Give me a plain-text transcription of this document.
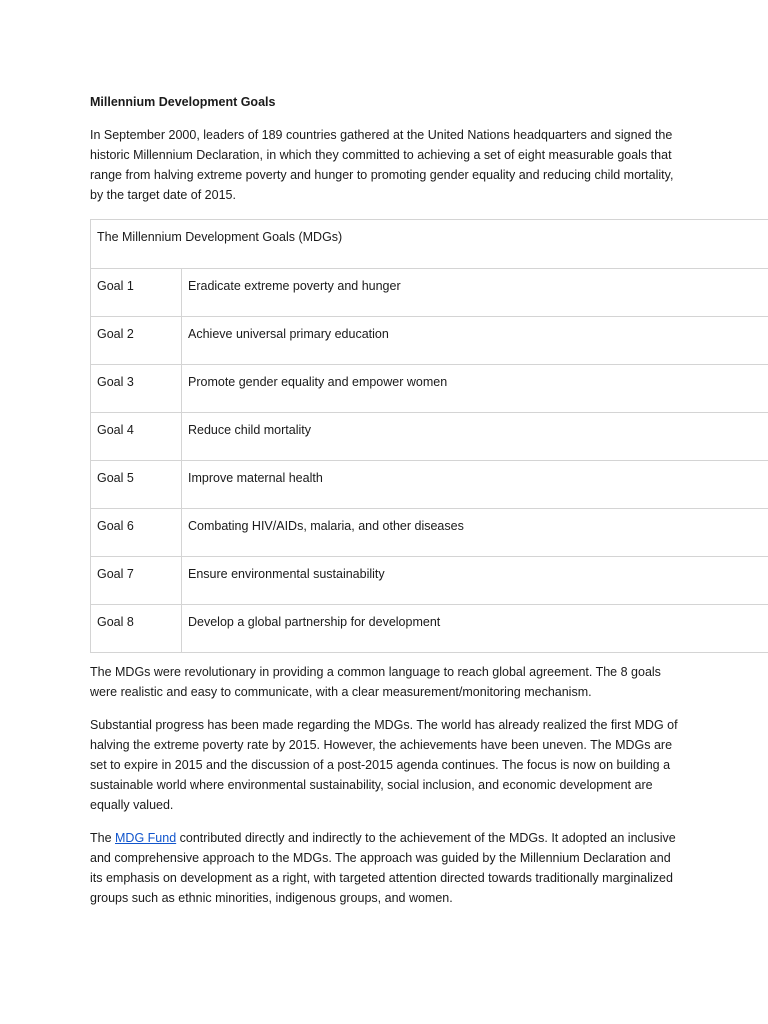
Millennium Development Goals

In September 2000, leaders of 189 countries gathered at the United Nations headquarters and signed the historic Millennium Declaration, in which they committed to achieving a set of eight measurable goals that range from halving extreme poverty and hunger to promoting gender equality and reducing child mortality, by the target date of 2015.

The Millennium Development Goals (MDGs)	
Goal 1	Eradicate extreme poverty and hunger
Goal 2	Achieve universal primary education
Goal 3	Promote gender equality and empower women
Goal 4	Reduce child mortality
Goal 5	Improve maternal health
Goal 6	Combating HIV/AIDs, malaria, and other diseases
Goal 7	Ensure environmental sustainability
Goal 8	Develop a global partnership for development

The MDGs were revolutionary in providing a common language to reach global agreement. The 8 goals were realistic and easy to communicate, with a clear measurement/monitoring mechanism.

Substantial progress has been made regarding the MDGs. The world has already realized the first MDG of halving the extreme poverty rate by 2015. However, the achievements have been uneven. The MDGs are set to expire in 2015 and the discussion of a post-2015 agenda continues. The focus is now on building a sustainable world where environmental sustainability, social inclusion, and economic development are equally valued.

The MDG Fund contributed directly and indirectly to the achievement of the MDGs. It adopted an inclusive and comprehensive approach to the MDGs. The approach was guided by the Millennium Declaration and its emphasis on development as a right, with targeted attention directed towards traditionally marginalized groups such as ethnic minorities, indigenous groups, and women.
